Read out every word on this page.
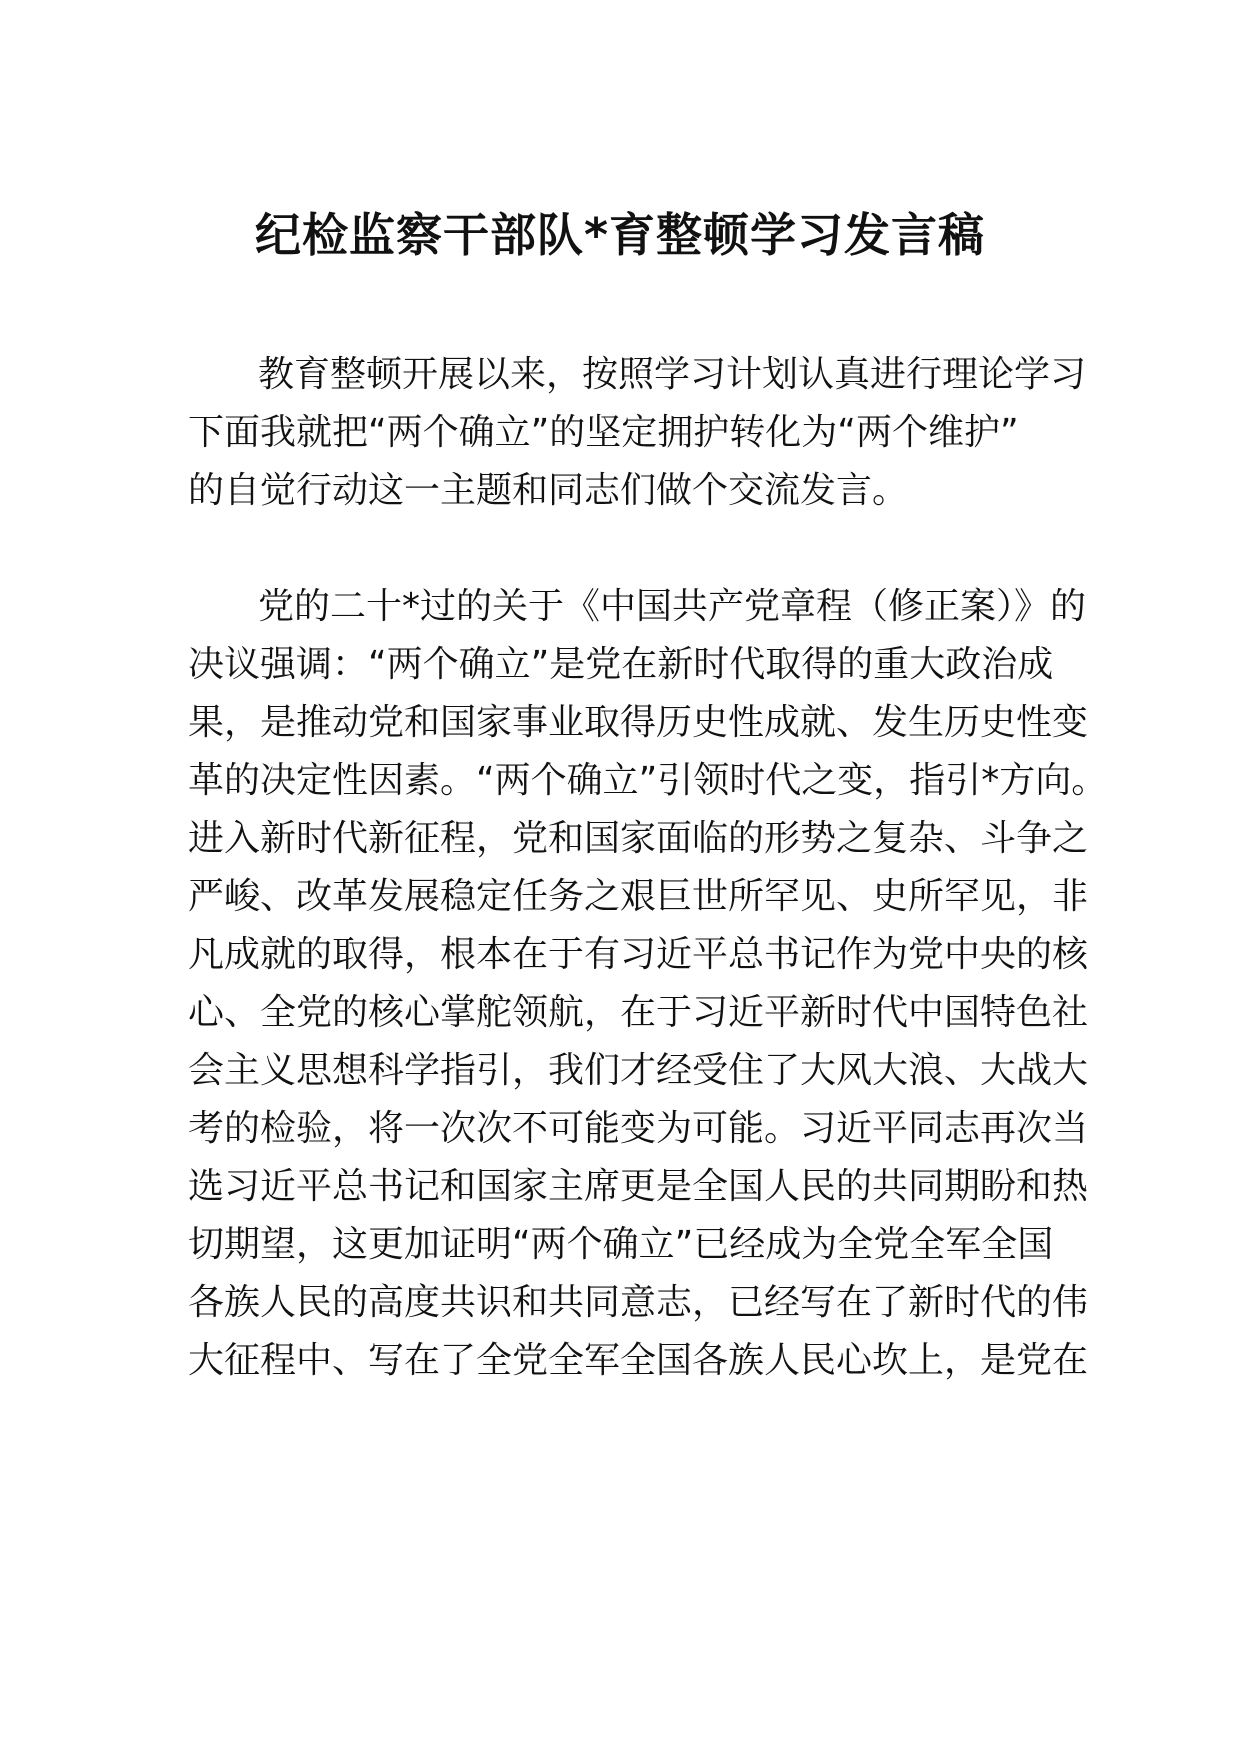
纪检监察干部队*育整顿学习发言稿
教育整顿开展以来，按照学习计划认真进行理论学习
下面我就把“两个确立”的坚定拥护转化为“两个维护”
的自觉行动这一主题和同志们做个交流发言。
党的二十*过的关于《中国共产党章程（修正案）》的
决议强调：“两个确立”是党在新时代取得的重大政治成
果，是推动党和国家事业取得历史性成就、发生历史性变
革的决定性因素。“两个确立”引领时代之变，指引*方向。
进入新时代新征程，党和国家面临的形势之复杂、斗争之
严峻、改革发展稳定任务之艰巨世所罕见、史所罕见，非
凡成就的取得，根本在于有习近平总书记作为党中央的核
心、全党的核心掌舵领航，在于习近平新时代中国特色社
会主义思想科学指引，我们才经受住了大风大浪、大战大
考的检验，将一次次不可能变为可能。习近平同志再次当
选习近平总书记和国家主席更是全国人民的共同期盼和热
切期望，这更加证明“两个确立”已经成为全党全军全国
各族人民的高度共识和共同意志，已经写在了新时代的伟
大征程中、写在了全党全军全国各族人民心坎上，是党在
